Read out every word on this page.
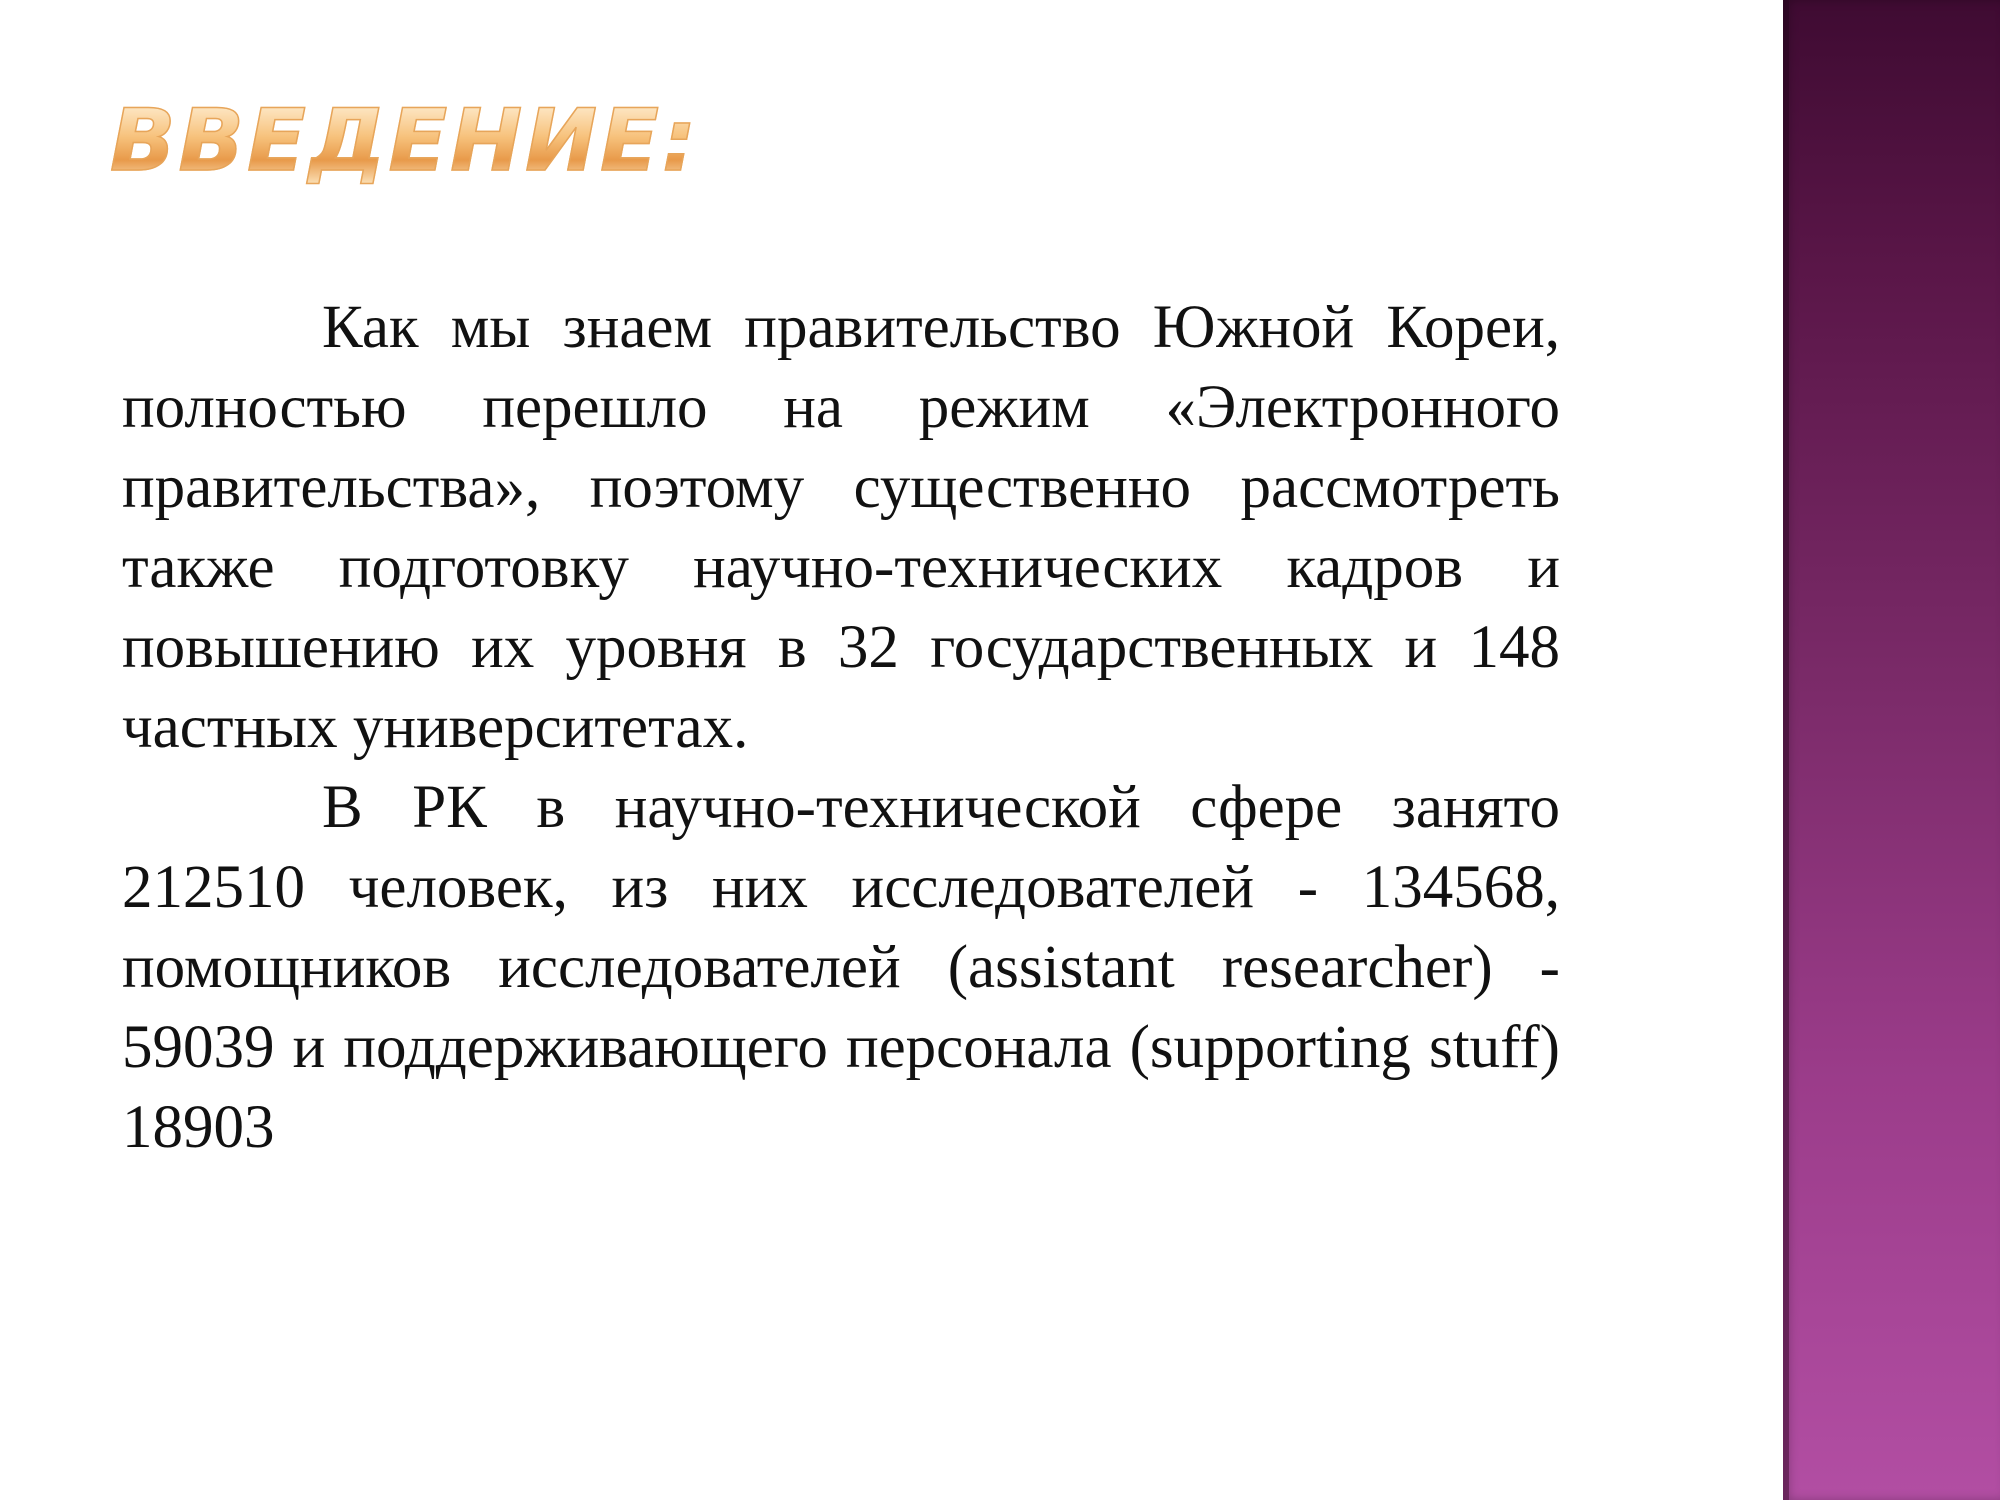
ВВЕДЕНИЕ:

Как мы знаем правительство Южной Кореи, полностью перешло на режим «Электронного правительства», поэтому существенно рассмотреть также подготовку научно-технических кадров и повышению их уровня в 32 государственных и 148 частных университетах.

В РК в научно-технической сфере занято 212510 человек, из них исследователей - 134568, помощников исследователей (assistant researcher) - 59039 и поддерживающего персонала (supporting stuff) 18903
